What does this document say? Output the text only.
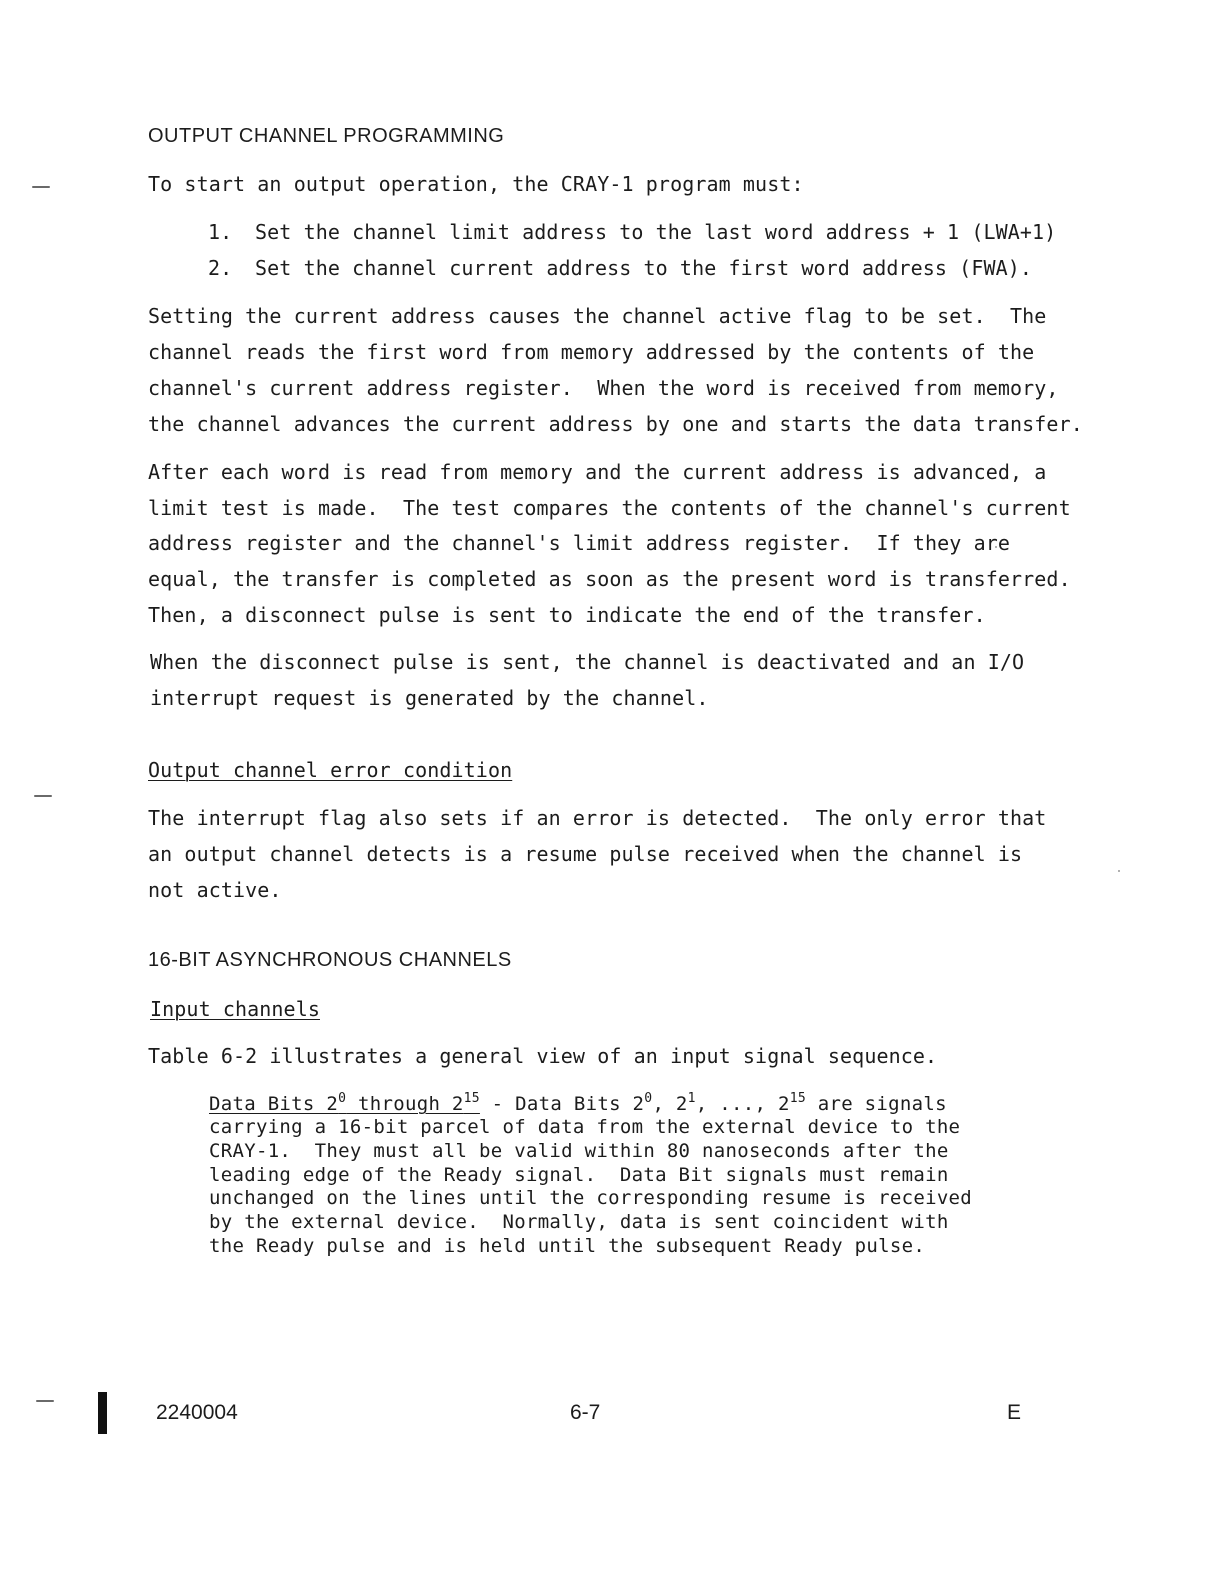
OUTPUT CHANNEL PROGRAMMING
To start an output operation, the CRAY-1 program must:
1. Set the channel limit address to the last word address + 1 (LWA+1)
2. Set the channel current address to the first word address (FWA).
Setting the current address causes the channel active flag to be set.  The
channel reads the first word from memory addressed by the contents of the
channel's current address register.  When the word is received from memory,
the channel advances the current address by one and starts the data transfer.
After each word is read from memory and the current address is advanced, a
limit test is made.  The test compares the contents of the channel's current
address register and the channel's limit address register.  If they are
equal, the transfer is completed as soon as the present word is transferred.
Then, a disconnect pulse is sent to indicate the end of the transfer.
When the disconnect pulse is sent, the channel is deactivated and an I/O
interrupt request is generated by the channel.
Output channel error condition
The interrupt flag also sets if an error is detected.  The only error that
an output channel detects is a resume pulse received when the channel is
not active.
16-BIT ASYNCHRONOUS CHANNELS
Input channels
Table 6-2 illustrates a general view of an input signal sequence.
Data Bits $2^0$ through $2^{15}$ - Data Bits $2^0$, $2^1$, ..., $2^{15}$ are signals
carrying a 16-bit parcel of data from the external device to the
CRAY-1.  They must all be valid within 80 nanoseconds after the
leading edge of the Ready signal.  Data Bit signals must remain
unchanged on the lines until the corresponding resume is received
by the external device.  Normally, data is sent coincident with
the Ready pulse and is held until the subsequent Ready pulse.
2240004	6-7	E
